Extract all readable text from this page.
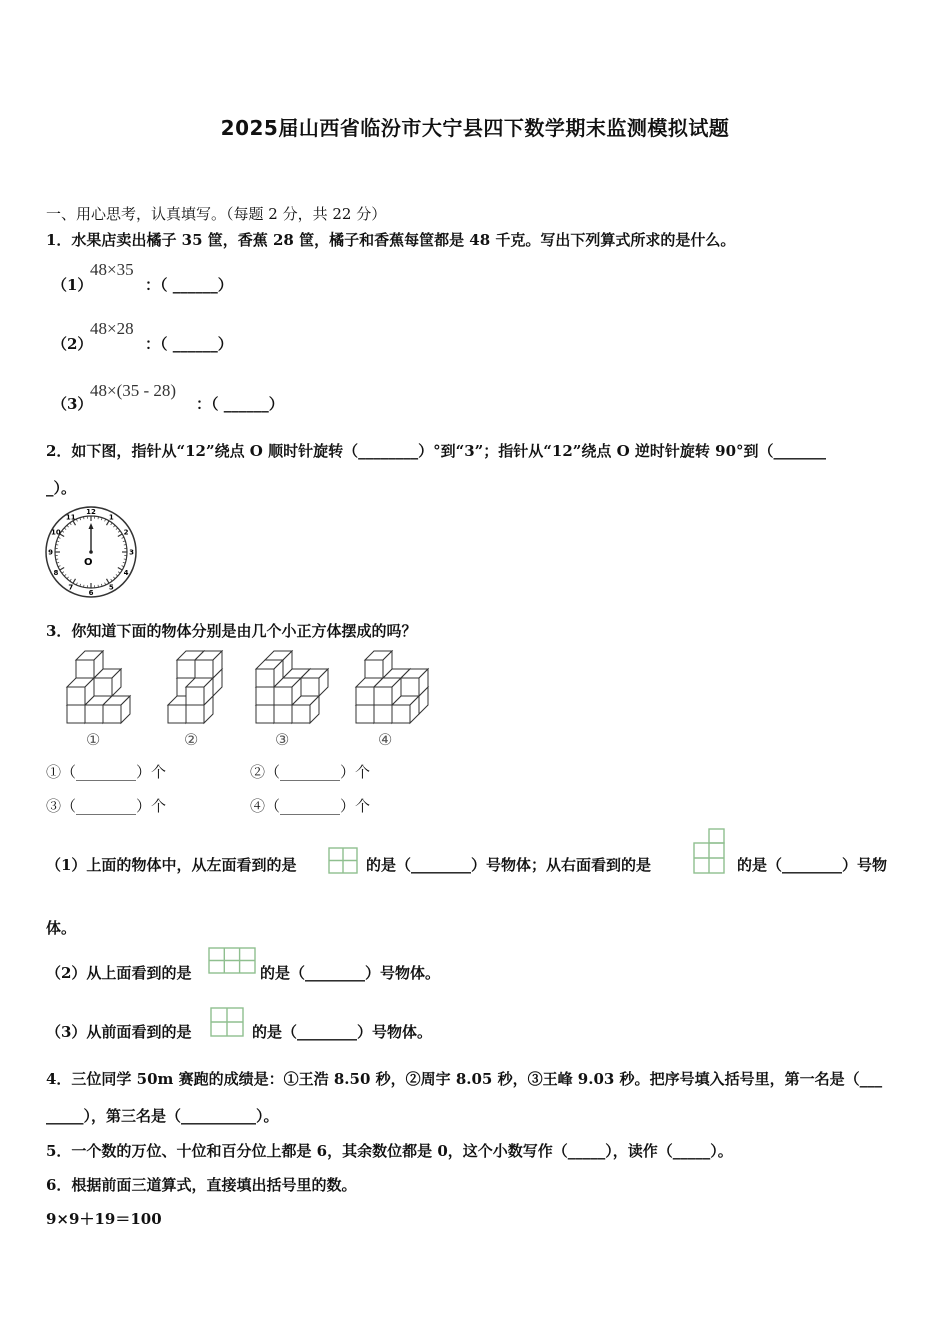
2025届山西省临汾市大宁县四下数学期末监测模拟试题
一、用心思考，认真填写。（每题 2 分，共 22 分）
1．水果店卖出橘子 35 筐，香蕉 28 筐，橘子和香蕉每筐都是 48 千克。写出下列算式所求的是什么。
（1）
48×35
：（ ______）
（2）
48×28
：（ ______）
（3）
48×(35 - 28)
：（ ______）
2．如下图，指针从“12”绕点 O 顺时针旋转（________）°到“3”；指针从“12”绕点 O 逆时针旋转 90°到（_______
_）。
12
1
2
3
4
5
6
7
8
9
10
11
O
3．你知道下面的物体分别是由几个小正方体摆成的吗？
①	②	③	④
①（________）个	②（________）个
③（________）个	④（________）个
（1）上面的物体中，从左面看到的是	的是（________）号物体；从右面看到的是	的是（________）号物
体。
（2）从上面看到的是	的是（________）号物体。
（3）从前面看到的是	的是（________）号物体。
4．三位同学 50m 赛跑的成绩是：①王浩 8.50 秒，②周宇 8.05 秒，③王峰 9.03 秒。把序号填入括号里，第一名是（___
_____），第三名是（__________）。
5．一个数的万位、十位和百分位上都是 6，其余数位都是 0，这个小数写作（_____），读作（_____）。
6．根据前面三道算式，直接填出括号里的数。
9×9＋19＝100
